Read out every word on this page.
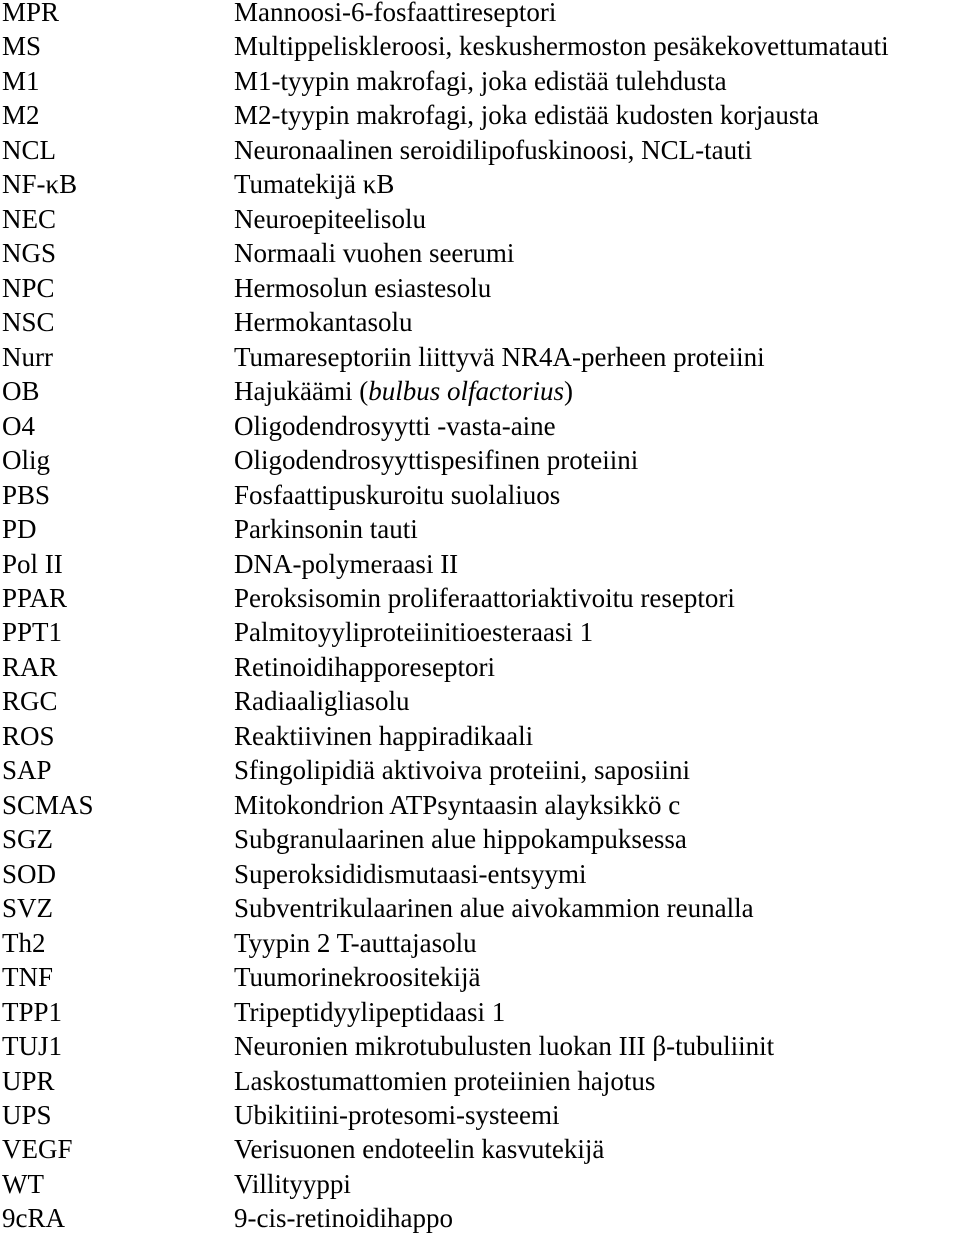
MPR	Mannoosi-6-fosfaattireseptori
MS	Multippeliskleroosi, keskushermoston pesäkekovettumatauti
M1	M1-tyypin makrofagi, joka edistää tulehdusta
M2	M2-tyypin makrofagi, joka edistää kudosten korjausta
NCL	Neuronaalinen seroidilipofuskinoosi, NCL-tauti
NF-κB	Tumatekijä κB
NEC	Neuroepiteelisolu
NGS	Normaali vuohen seerumi
NPC	Hermosolun esiastesolu
NSC	Hermokantasolu
Nurr	Tumareseptoriin liittyvä NR4A-perheen proteiini
OB	Hajukäämi (bulbus olfactorius)
O4	Oligodendrosyytti -vasta-aine
Olig	Oligodendrosyyttispesifinen proteiini
PBS	Fosfaattipuskuroitu suolaliuos
PD	Parkinsonin tauti
Pol II	DNA-polymeraasi II
PPAR	Peroksisomin proliferaattoriaktivoitu reseptori
PPT1	Palmitoyyliproteiinitioesteraasi 1
RAR	Retinoidihapporeseptori
RGC	Radiaaligliasolu
ROS	Reaktiivinen happiradikaali
SAP	Sfingolipidiä aktivoiva proteiini, saposiini
SCMAS	Mitokondrion ATPsyntaasin alayksikkö c
SGZ	Subgranulaarinen alue hippokampuksessa
SOD	Superoksididismutaasi-entsyymi
SVZ	Subventrikulaarinen alue aivokammion reunalla
Th2	Tyypin 2 T-auttajasolu
TNF	Tuumorinekroositekijä
TPP1	Tripeptidyylipeptidaasi 1
TUJ1	Neuronien mikrotubulusten luokan III β-tubuliinit
UPR	Laskostumattomien proteiinien hajotus
UPS	Ubikitiini-protesomi-systeemi
VEGF	Verisuonen endoteelin kasvutekijä
WT	Villityyppi
9cRA	9-cis-retinoidihappo
